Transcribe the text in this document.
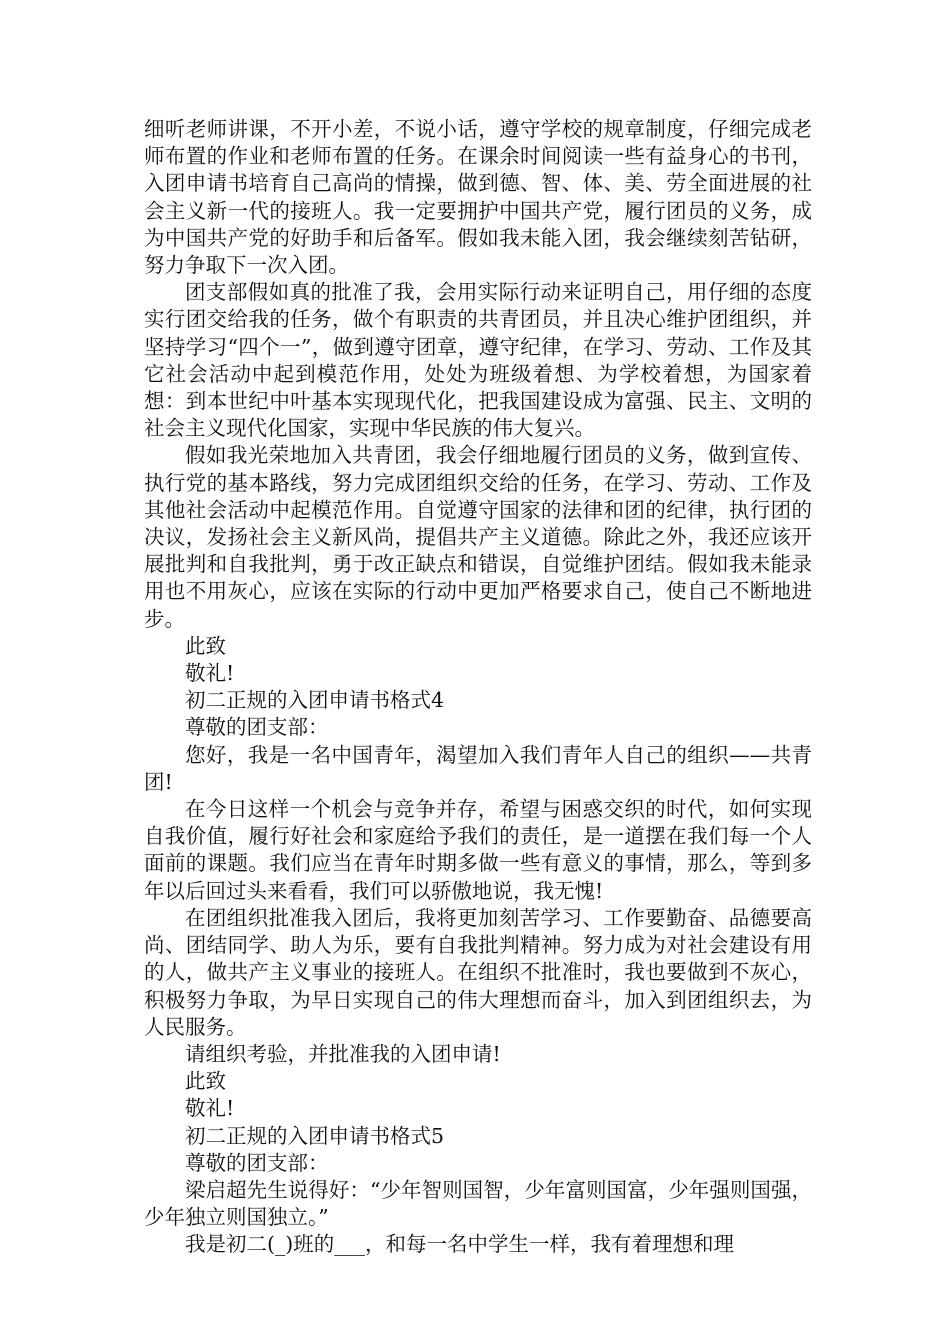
细听老师讲课，不开小差，不说小话，遵守学校的规章制度，仔细完成老师布置的作业和老师布置的任务。在课余时间阅读一些有益身心的书刊，入团申请书培育自己高尚的情操，做到德、智、体、美、劳全面进展的社会主义新一代的接班人。我一定要拥护中国共产党，履行团员的义务，成为中国共产党的好助手和后备军。假如我未能入团，我会继续刻苦钻研，努力争取下一次入团。

团支部假如真的批准了我，会用实际行动来证明自己，用仔细的态度实行团交给我的任务，做个有职责的共青团员，并且决心维护团组织，并坚持学习“四个一”，做到遵守团章，遵守纪律，在学习、劳动、工作及其它社会活动中起到模范作用，处处为班级着想、为学校着想，为国家着想：到本世纪中叶基本实现现代化，把我国建设成为富强、民主、文明的社会主义现代化国家，实现中华民族的伟大复兴。

假如我光荣地加入共青团，我会仔细地履行团员的义务，做到宣传、执行党的基本路线，努力完成团组织交给的任务，在学习、劳动、工作及其他社会活动中起模范作用。自觉遵守国家的法律和团的纪律，执行团的决议，发扬社会主义新风尚，提倡共产主义道德。除此之外，我还应该开展批判和自我批判，勇于改正缺点和错误，自觉维护团结。假如我未能录用也不用灰心，应该在实际的行动中更加严格要求自己，使自己不断地进步。

此致

敬礼!

初二正规的入团申请书格式4

尊敬的团支部：

您好，我是一名中国青年，渴望加入我们青年人自己的组织——共青团!

在今日这样一个机会与竞争并存，希望与困惑交织的时代，如何实现自我价值，履行好社会和家庭给予我们的责任，是一道摆在我们每一个人面前的课题。我们应当在青年时期多做一些有意义的事情，那么，等到多年以后回过头来看看，我们可以骄傲地说，我无愧!

在团组织批准我入团后，我将更加刻苦学习、工作要勤奋、品德要高尚、团结同学、助人为乐，要有自我批判精神。努力成为对社会建设有用的人，做共产主义事业的接班人。在组织不批准时，我也要做到不灰心，积极努力争取，为早日实现自己的伟大理想而奋斗，加入到团组织去，为人民服务。

请组织考验，并批准我的入团申请!

此致

敬礼!

初二正规的入团申请书格式5

尊敬的团支部：

梁启超先生说得好：“少年智则国智，少年富则国富，少年强则国强，少年独立则国独立。”

我是初二(_)班的___，和每一名中学生一样，我有着理想和理
